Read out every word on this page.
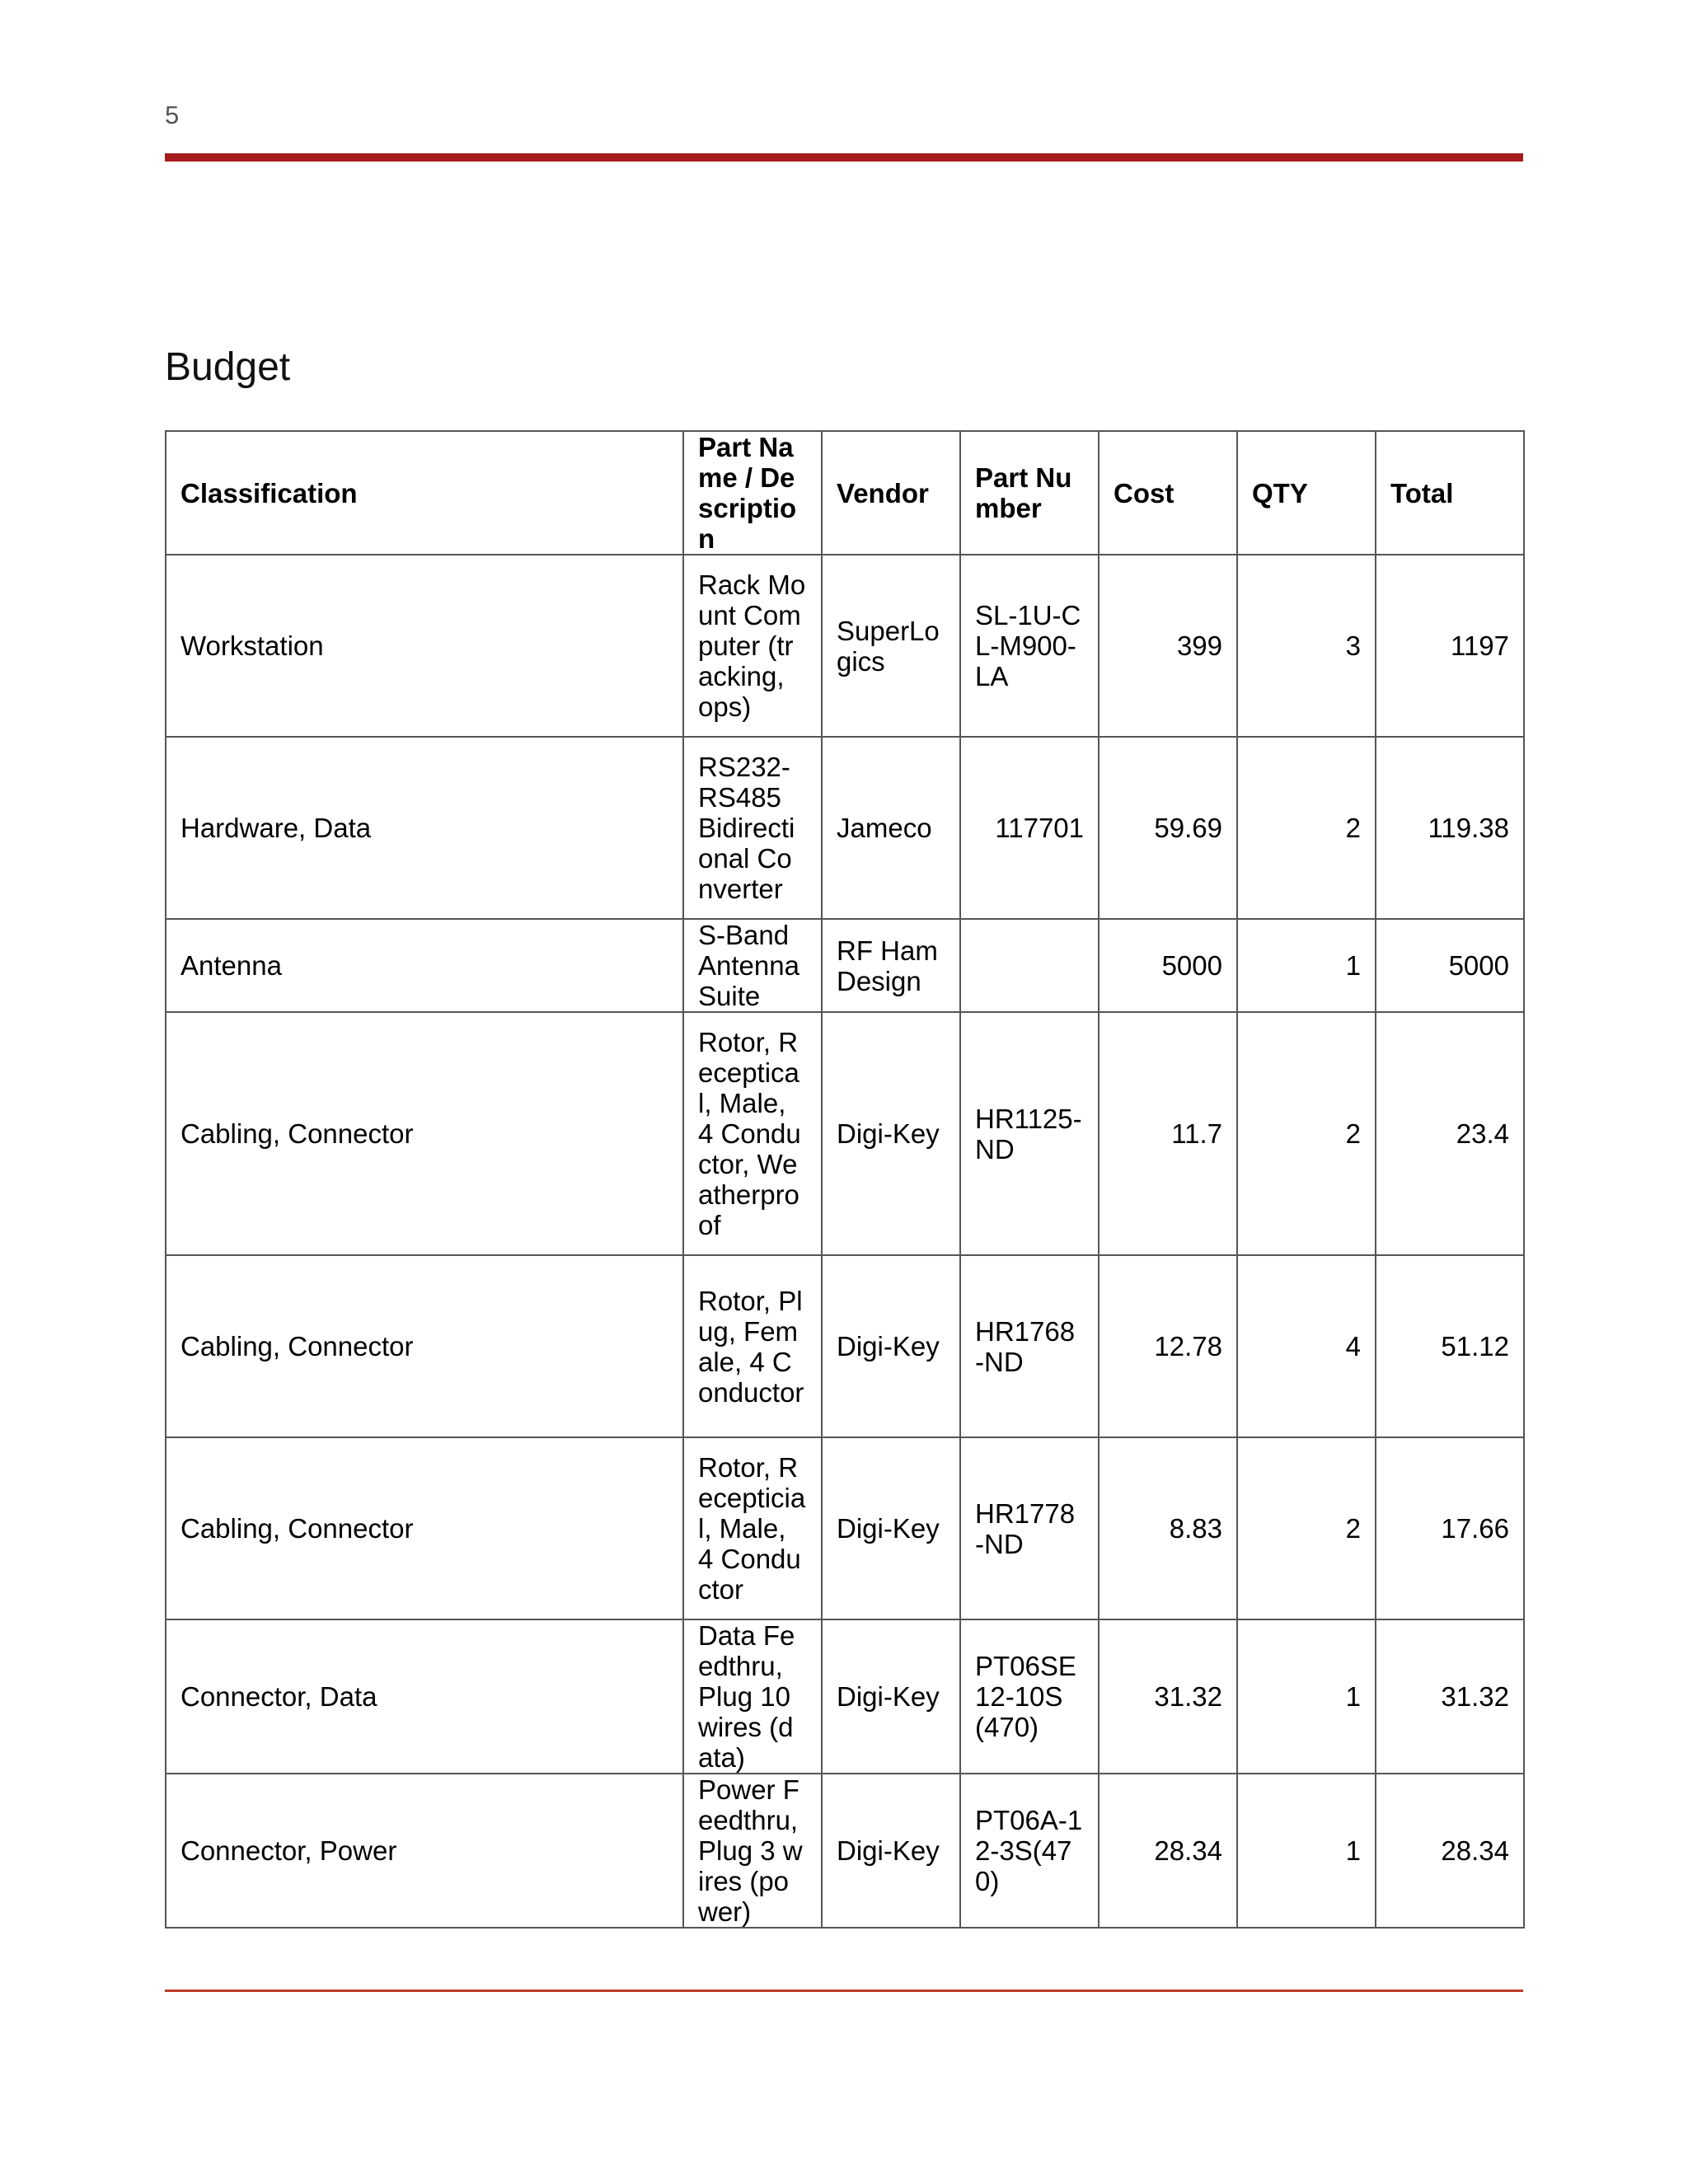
5
Budget
Classification	Part Name / Description	Vendor	Part Number	Cost	QTY	Total
Workstation	Rack Mount Computer (tracking, ops)	SuperLogics	SL-1U-CL-M900-LA	399	3	1197
Hardware, Data	RS232-RS485 Bidirectional Converter	Jameco	117701	59.69	2	119.38
Antenna	S-Band Antenna Suite	RF Ham Design		5000	1	5000
Cabling, Connector	Rotor, Receptical, Male, 4 Conductor, Weatherproof	Digi-Key	HR1125-ND	11.7	2	23.4
Cabling, Connector	Rotor, Plug, Female, 4 Conductor	Digi-Key	HR1768-ND	12.78	4	51.12
Cabling, Connector	Rotor, Recepticial, Male, 4 Conductor	Digi-Key	HR1778-ND	8.83	2	17.66
Connector, Data	Data Feedthru, Plug 10 wires (data)	Digi-Key	PT06SE12-10S(470)	31.32	1	31.32
Connector, Power	Power Feedthru, Plug 3 wires (power)	Digi-Key	PT06A-12-3S(470)	28.34	1	28.34
